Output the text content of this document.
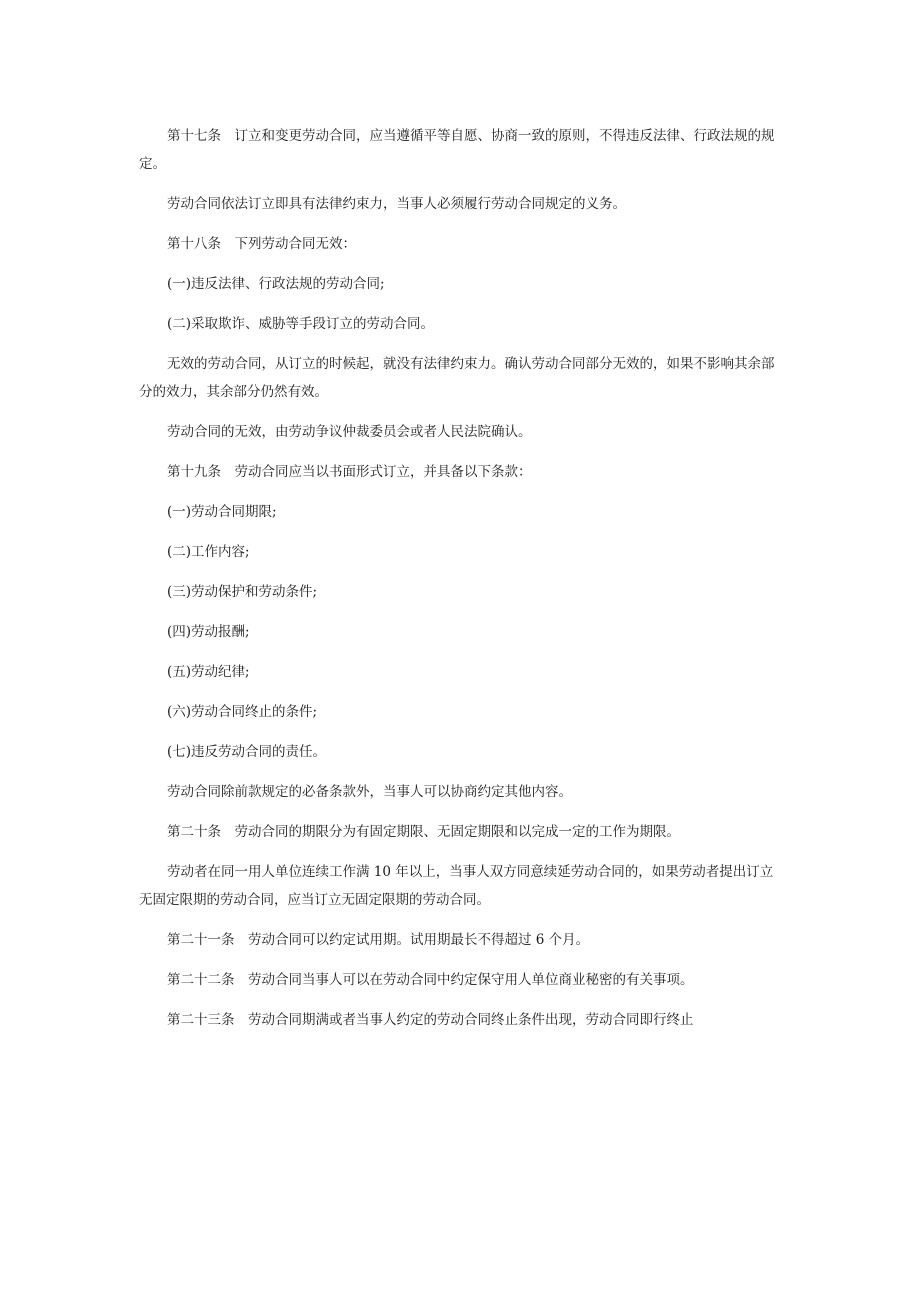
第十七条　订立和变更劳动合同，应当遵循平等自愿、协商一致的原则，不得违反法律、行政法规的规定。

劳动合同依法订立即具有法律约束力，当事人必须履行劳动合同规定的义务。

第十八条　下列劳动合同无效：

(一)违反法律、行政法规的劳动合同;

(二)采取欺诈、威胁等手段订立的劳动合同。

无效的劳动合同，从订立的时候起，就没有法律约束力。确认劳动合同部分无效的，如果不影响其余部分的效力，其余部分仍然有效。

劳动合同的无效，由劳动争议仲裁委员会或者人民法院确认。

第十九条　劳动合同应当以书面形式订立，并具备以下条款：

(一)劳动合同期限;

(二)工作内容;

(三)劳动保护和劳动条件;

(四)劳动报酬;

(五)劳动纪律;

(六)劳动合同终止的条件;

(七)违反劳动合同的责任。

劳动合同除前款规定的必备条款外，当事人可以协商约定其他内容。

第二十条　劳动合同的期限分为有固定期限、无固定期限和以完成一定的工作为期限。

劳动者在同一用人单位连续工作满 10 年以上，当事人双方同意续延劳动合同的，如果劳动者提出订立无固定限期的劳动合同，应当订立无固定限期的劳动合同。

第二十一条　劳动合同可以约定试用期。试用期最长不得超过 6 个月。

第二十二条　劳动合同当事人可以在劳动合同中约定保守用人单位商业秘密的有关事项。

第二十三条　劳动合同期满或者当事人约定的劳动合同终止条件出现，劳动合同即行终止
